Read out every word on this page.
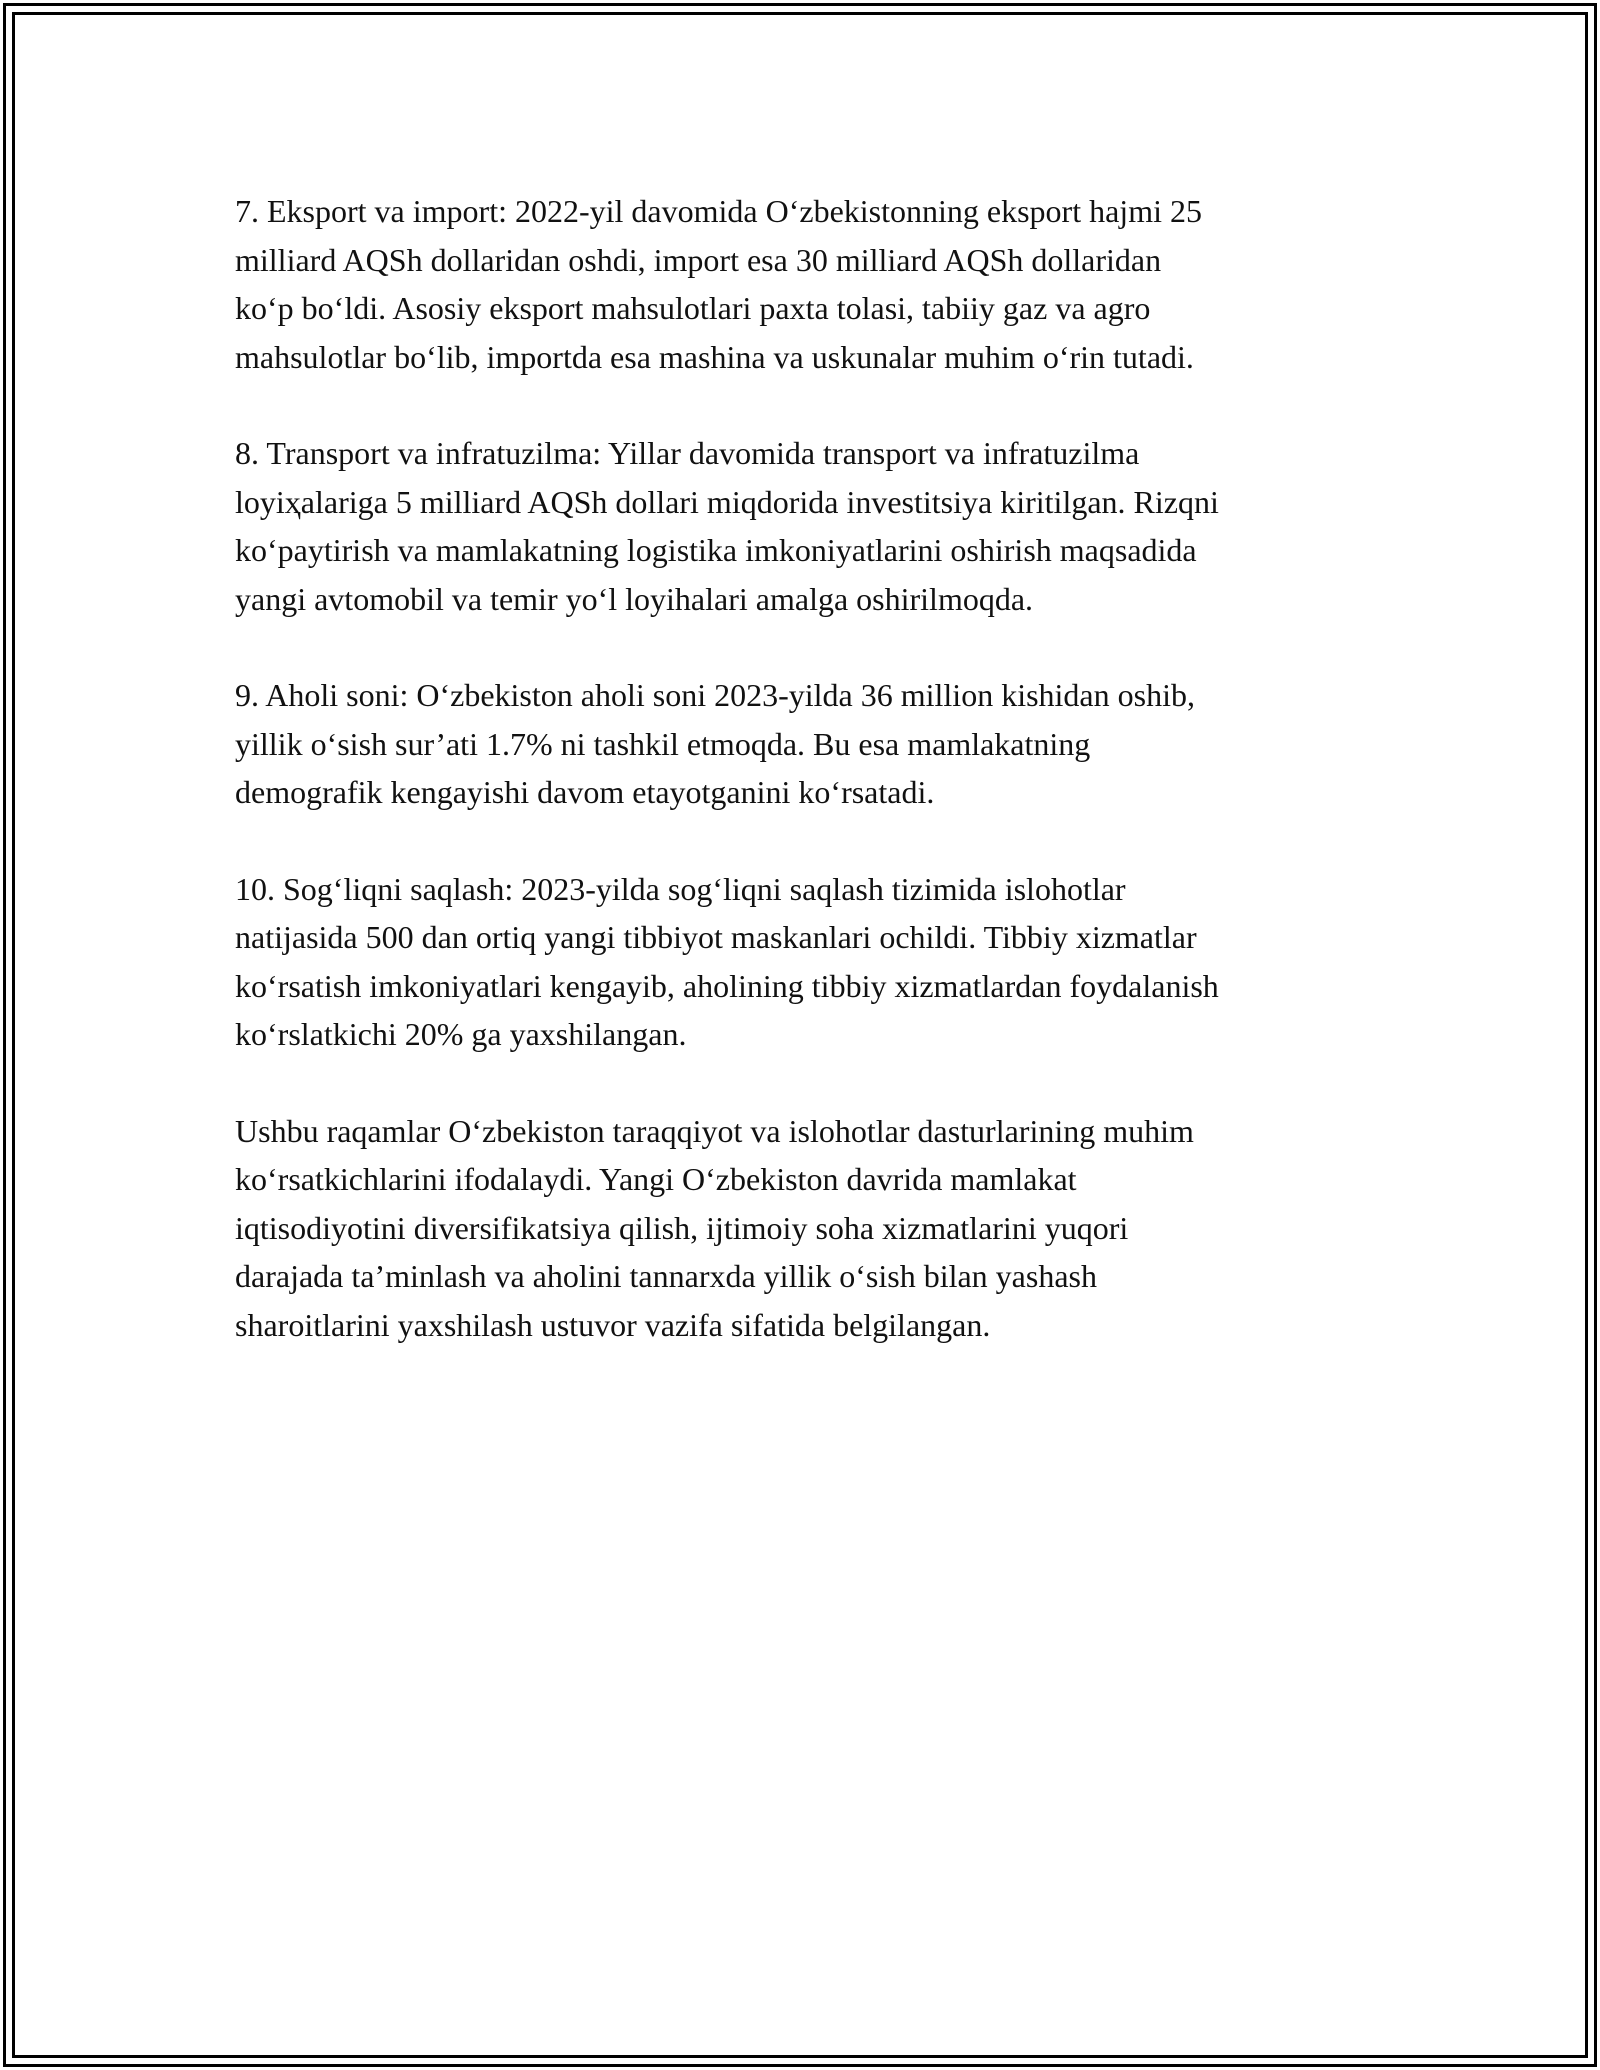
7. Eksport va import: 2022-yil davomida O‘zbekistonning eksport hajmi 25
milliard AQSh dollaridan oshdi, import esa 30 milliard AQSh dollaridan
ko‘p bo‘ldi. Asosiy eksport mahsulotlari paxta tolasi, tabiiy gaz va agro
mahsulotlar bo‘lib, importda esa mashina va uskunalar muhim o‘rin tutadi.

8. Transport va infratuzilma: Yillar davomida transport va infratuzilma
loyiҳalariga 5 milliard AQSh dollari miqdorida investitsiya kiritilgan. Rizqni
ko‘paytirish va mamlakatning logistika imkoniyatlarini oshirish maqsadida
yangi avtomobil va temir yo‘l loyihalari amalga oshirilmoqda.

9. Aholi soni: O‘zbekiston aholi soni 2023-yilda 36 million kishidan oshib,
yillik o‘sish sur’ati 1.7% ni tashkil etmoqda. Bu esa mamlakatning
demografik kengayishi davom etayotganini ko‘rsatadi.

10. Sog‘liqni saqlash: 2023-yilda sog‘liqni saqlash tizimida islohotlar
natijasida 500 dan ortiq yangi tibbiyot maskanlari ochildi. Tibbiy xizmatlar
ko‘rsatish imkoniyatlari kengayib, aholining tibbiy xizmatlardan foydalanish
ko‘rslatkichi 20% ga yaxshilangan.

Ushbu raqamlar O‘zbekiston taraqqiyot va islohotlar dasturlarining muhim
ko‘rsatkichlarini ifodalaydi. Yangi O‘zbekiston davrida mamlakat
iqtisodiyotini diversifikatsiya qilish, ijtimoiy soha xizmatlarini yuqori
darajada ta’minlash va aholini tannarxda yillik o‘sish bilan yashash
sharoitlarini yaxshilash ustuvor vazifa sifatida belgilangan.
